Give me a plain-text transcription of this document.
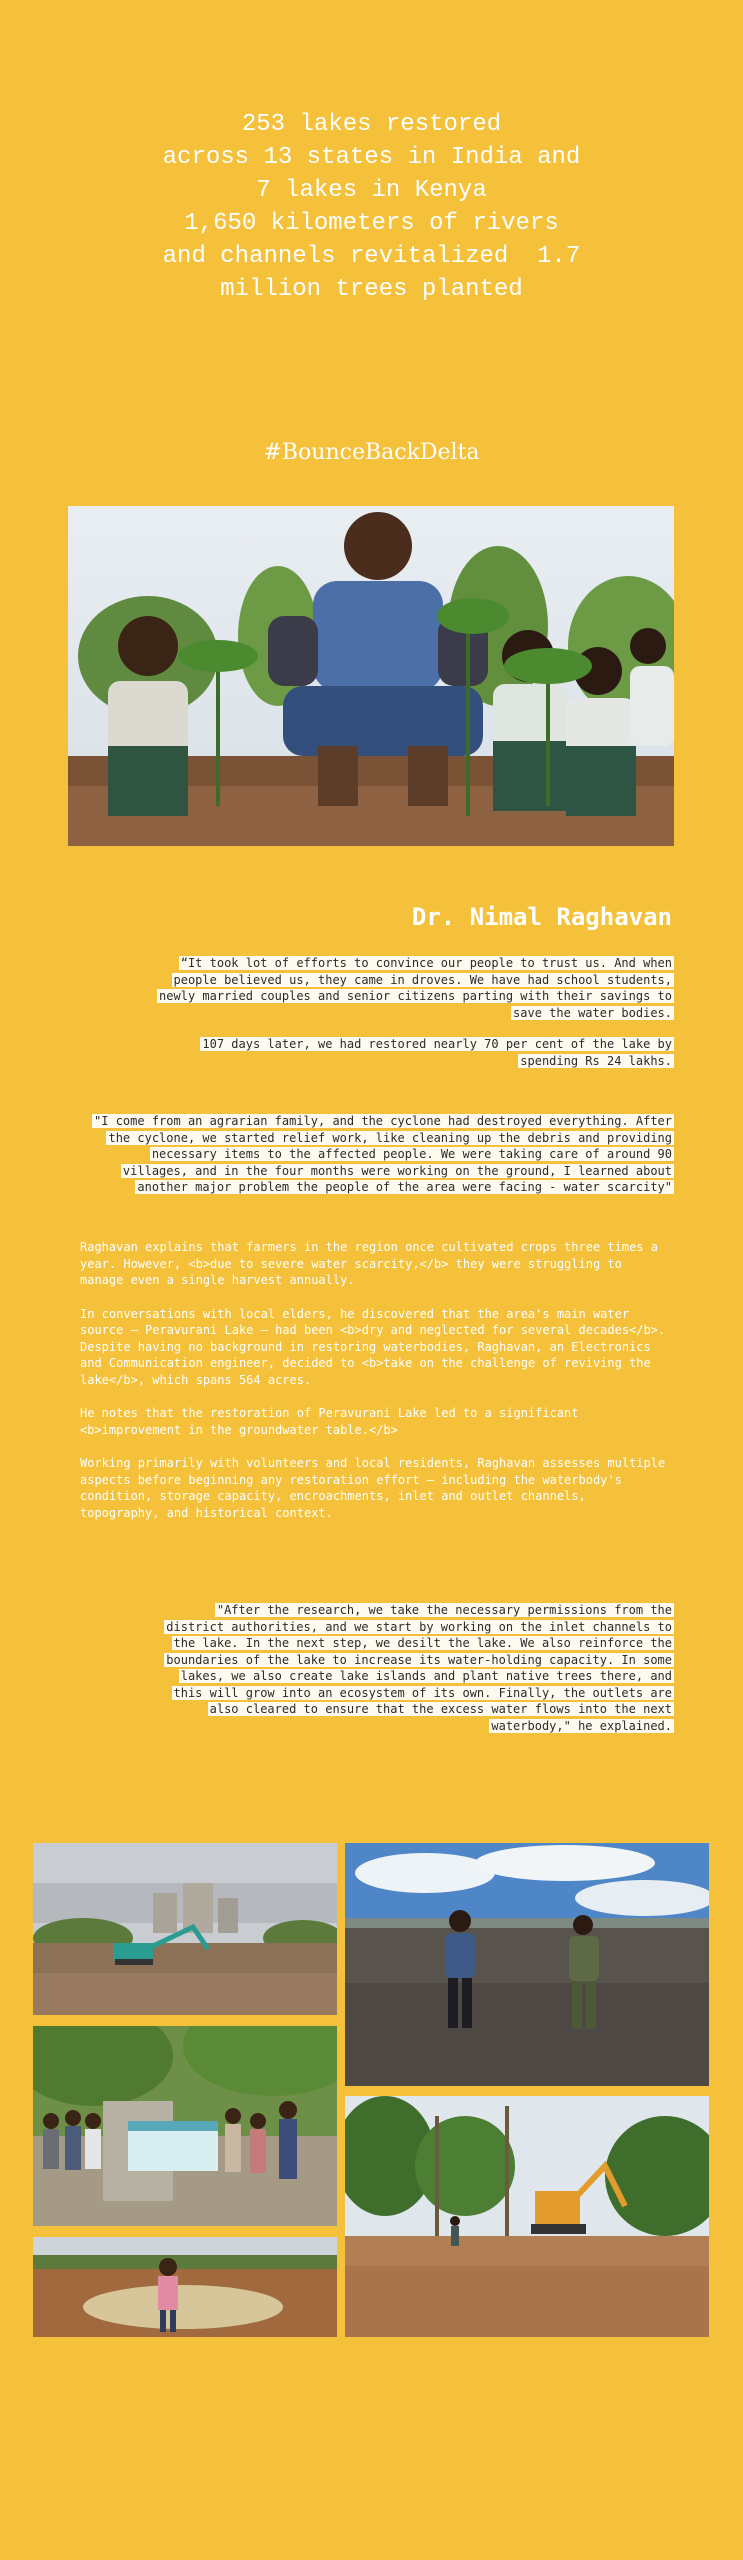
253 lakes restored
across 13 states in India and
7 lakes in Kenya
1,650 kilometers of rivers
and channels revitalized  1.7
million trees planted
#BounceBackDelta
Dr. Nimal Raghavan
“It took lot of efforts to convince our people to trust us. And when
people believed us, they came in droves. We have had school students,
newly married couples and senior citizens parting with their savings to
save the water bodies.
107 days later, we had restored nearly 70 per cent of the lake by
spending Rs 24 lakhs.
"I come from an agrarian family, and the cyclone had destroyed everything. After
the cyclone, we started relief work, like cleaning up the debris and providing
necessary items to the affected people. We were taking care of around 90
villages, and in the four months were working on the ground, I learned about
another major problem the people of the area were facing - water scarcity"

Raghavan explains that farmers in the region once cultivated crops three times a
year. However, <b>due to severe water scarcity,</b> they were struggling to
manage even a single harvest annually.

In conversations with local elders, he discovered that the area's main water
source — Peravurani Lake — had been <b>dry and neglected for several decades</b>.
Despite having no background in restoring waterbodies, Raghavan, an Electronics
and Communication engineer, decided to <b>take on the challenge of reviving the
lake</b>, which spans 564 acres.

He notes that the restoration of Peravurani Lake led to a significant
<b>improvement in the groundwater table.</b>

Working primarily with volunteers and local residents, Raghavan assesses multiple
aspects before beginning any restoration effort — including the waterbody's
condition, storage capacity, encroachments, inlet and outlet channels,
topography, and historical context.

"After the research, we take the necessary permissions from the
district authorities, and we start by working on the inlet channels to
the lake. In the next step, we desilt the lake. We also reinforce the
boundaries of the lake to increase its water-holding capacity. In some
lakes, we also create lake islands and plant native trees there, and
this will grow into an ecosystem of its own. Finally, the outlets are
also cleared to ensure that the excess water flows into the next
waterbody," he explained.
